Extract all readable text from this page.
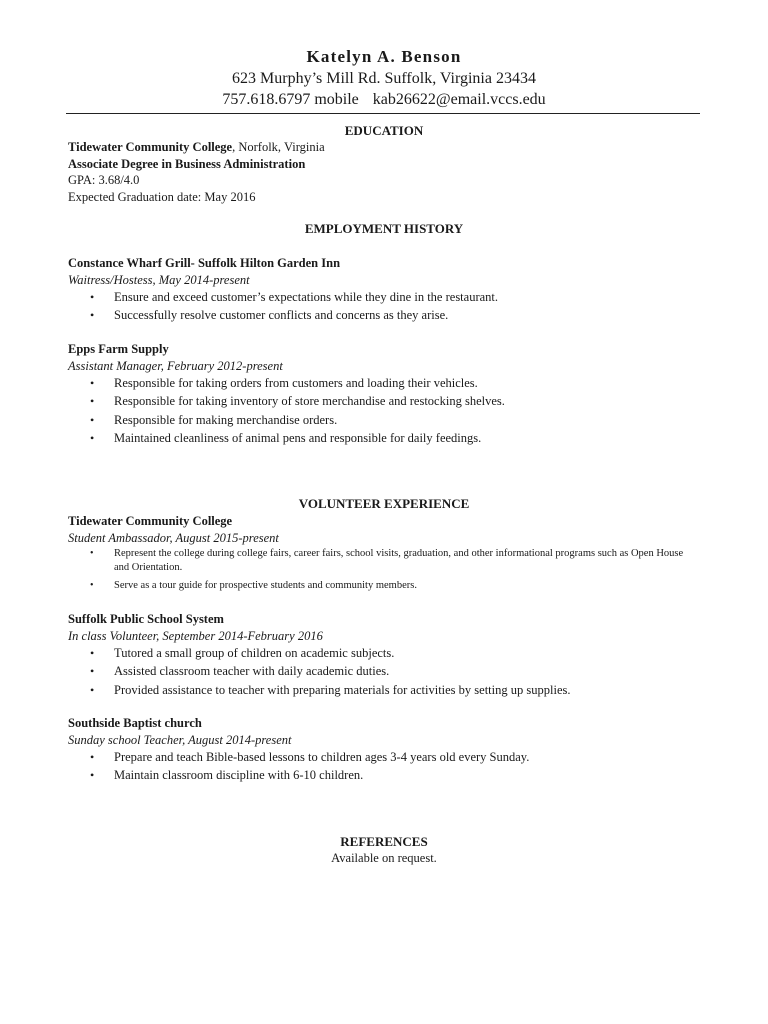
Katelyn A. Benson
623 Murphy’s Mill Rd. Suffolk, Virginia 23434
757.618.6797 mobile kab26622@email.vccs.edu
EDUCATION
Tidewater Community College, Norfolk, Virginia
Associate Degree in Business Administration
GPA: 3.68/4.0
Expected Graduation date: May 2016
EMPLOYMENT HISTORY
Constance Wharf Grill- Suffolk Hilton Garden Inn
Waitress/Hostess, May 2014-present
• Ensure and exceed customer’s expectations while they dine in the restaurant.
• Successfully resolve customer conflicts and concerns as they arise.
Epps Farm Supply
Assistant Manager, February 2012-present
• Responsible for taking orders from customers and loading their vehicles.
• Responsible for taking inventory of store merchandise and restocking shelves.
• Responsible for making merchandise orders.
• Maintained cleanliness of animal pens and responsible for daily feedings.
VOLUNTEER EXPERIENCE
Tidewater Community College
Student Ambassador, August 2015-present
• Represent the college during college fairs, career fairs, school visits, graduation, and other informational programs such as Open House and Orientation.
• Serve as a tour guide for prospective students and community members.
Suffolk Public School System
In class Volunteer, September 2014-February 2016
• Tutored a small group of children on academic subjects.
• Assisted classroom teacher with daily academic duties.
• Provided assistance to teacher with preparing materials for activities by setting up supplies.
Southside Baptist church
Sunday school Teacher, August 2014-present
• Prepare and teach Bible-based lessons to children ages 3-4 years old every Sunday.
• Maintain classroom discipline with 6-10 children.
REFERENCES
Available on request.
